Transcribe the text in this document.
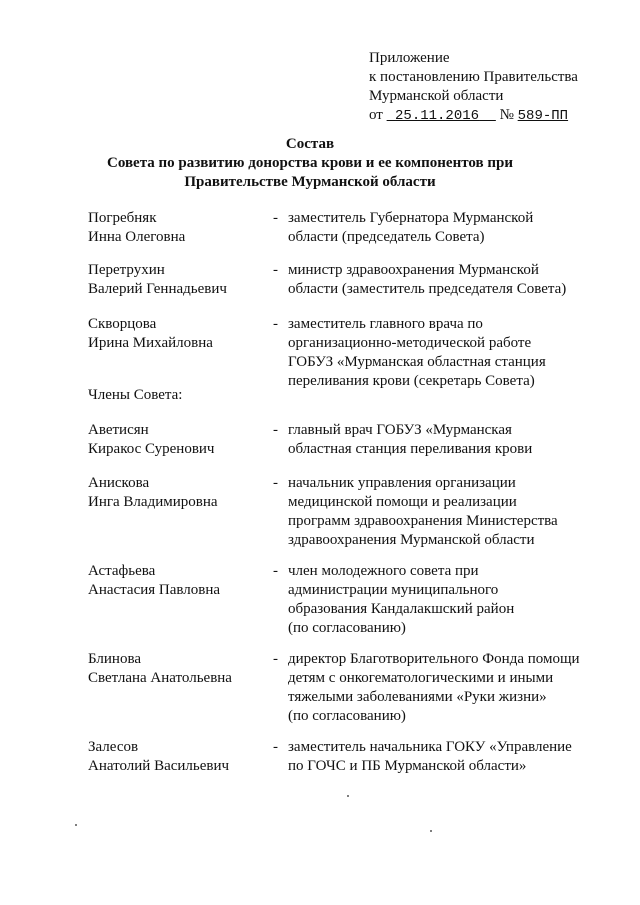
Приложение
к постановлению Правительства
Мурманской области
от 25.11.2016 № 589-ПП
Состав
Совета по развитию донорства крови и ее компонентов при
Правительстве Мурманской области
Погребняк
Инна Олеговна
- заместитель Губернатора Мурманской
области (председатель Совета)
Перетрухин
Валерий Геннадьевич
- министр здравоохранения Мурманской
области (заместитель председателя Совета)
Скворцова
Ирина Михайловна
- заместитель главного врача по
организационно-методической работе
ГОБУЗ «Мурманская областная станция
переливания крови (секретарь Совета)
Члены Совета:
Аветисян
Киракос Суренович
- главный врач ГОБУЗ «Мурманская
областная станция переливания крови
Анискова
Инга Владимировна
- начальник управления организации
медицинской помощи и реализации
программ здравоохранения Министерства
здравоохранения Мурманской области
Астафьева
Анастасия Павловна
- член молодежного совета при
администрации муниципального
образования Кандалакшский район
(по согласованию)
Блинова
Светлана Анатольевна
- директор Благотворительного Фонда помощи
детям с онкогематологическими и иными
тяжелыми заболеваниями «Руки жизни»
(по согласованию)
Залесов
Анатолий Васильевич
- заместитель начальника ГОКУ «Управление
по ГОЧС и ПБ Мурманской области»
